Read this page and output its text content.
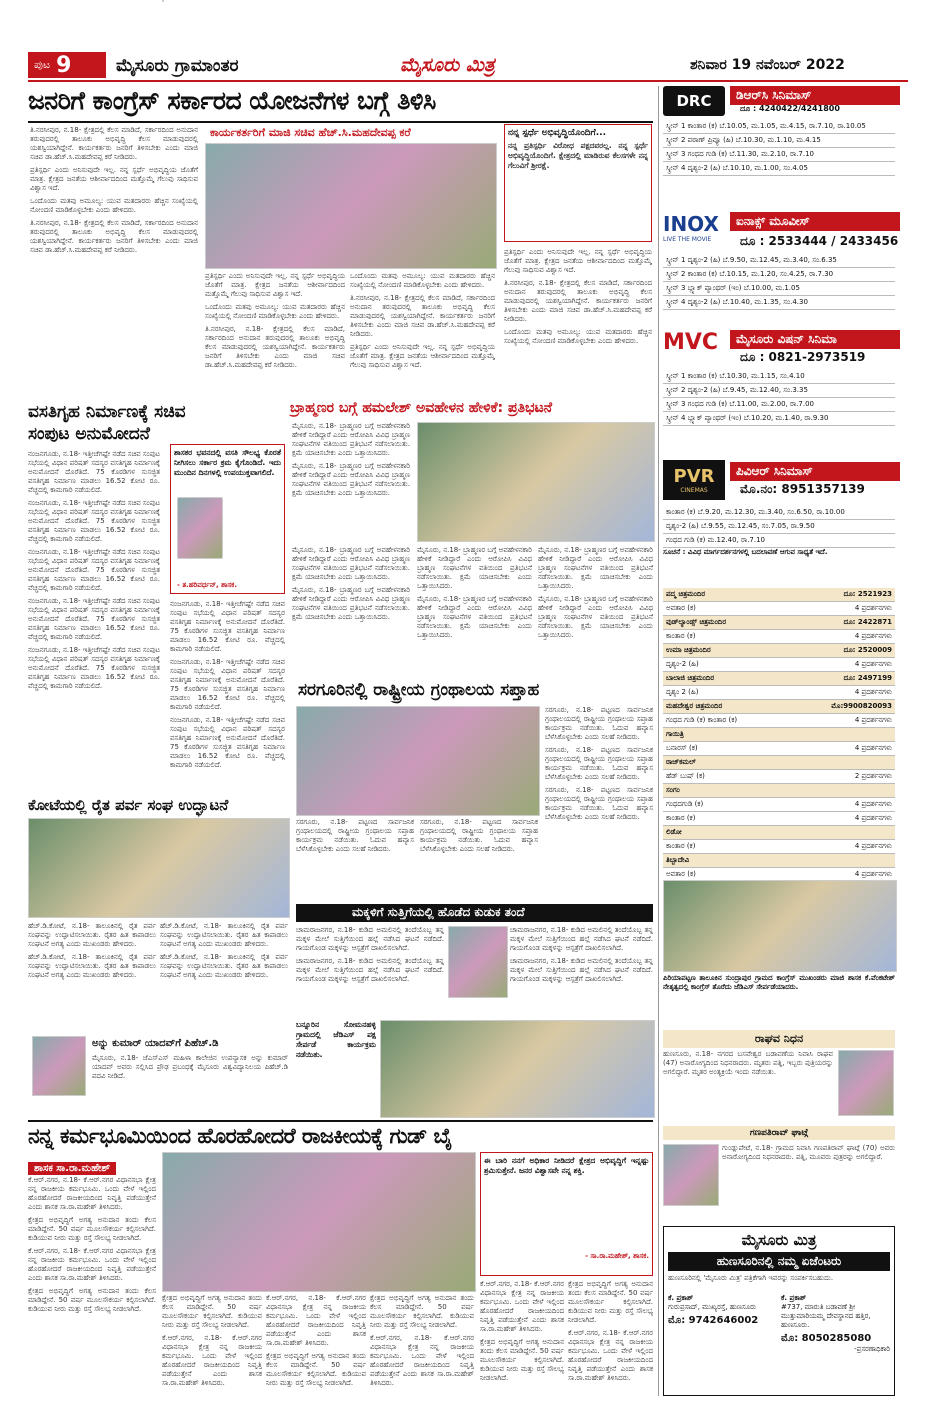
ಪುಟ 9	ಮೈಸೂರು ಗ್ರಾಮಾಂತರ	ಮೈಸೂರು ಮಿತ್ರ	ಶನಿವಾರ 19 ನವೆಂಬರ್ 2022
ಜನರಿಗೆ ಕಾಂಗ್ರೆಸ್ ಸರ್ಕಾರದ ಯೋಜನೆಗಳ ಬಗ್ಗೆ ತಿಳಿಸಿ

ತಿ.ನರಸೀಪುರ, ನ.18- ಕ್ಷೇತ್ರದಲ್ಲಿ ಕೆಲಸ ಮಾಡಿದೆ, ಸರ್ಕಾರದಿಂದ ಅನುದಾನ ತರುವುದರಲ್ಲಿ ತಾಲೂಕು ಅಭಿವೃದ್ಧಿ ಕೆಲಸ ಮಾಡುವುದರಲ್ಲಿ ಯಶಸ್ವಿಯಾಗಿದ್ದೇನೆ. ಕಾರ್ಯಕರ್ತರು ಜನರಿಗೆ ತಿಳಿಸಬೇಕು ಎಂದು ಮಾಜಿ ಸಚಿವ ಡಾ.ಹೆಚ್.ಸಿ.ಮಹದೇವಪ್ಪ ಕರೆ ನೀಡಿದರು.

ಪ್ರತಿಸ್ಪರ್ಧಿ ಎಂದು ಅನಿಸುವುದೇ ಇಲ್ಲ. ನನ್ನ ಸ್ಪರ್ಧೆ ಅಭಿವೃದ್ಧಿಯ ಜೊತೆಗೆ ಮಾತ್ರ. ಕ್ಷೇತ್ರದ ಜನತೆಯ ಆಶೀರ್ವಾದದಿಂದ ಮತ್ತೊಮ್ಮೆ ಗೆಲುವು ಸಾಧಿಸುವ ವಿಶ್ವಾಸ ಇದೆ.

ಒಂದೊಂದು ಮತವು ಅಮೂಲ್ಯ: ಯುವ ಮತದಾರರು ಹೆಚ್ಚಿನ ಸಂಖ್ಯೆಯಲ್ಲಿ ನೋಂದಣಿ ಮಾಡಿಕೊಳ್ಳಬೇಕು ಎಂದು ಹೇಳಿದರು.

ತಿ.ನರಸೀಪುರ, ನ.18- ಕ್ಷೇತ್ರದಲ್ಲಿ ಕೆಲಸ ಮಾಡಿದೆ, ಸರ್ಕಾರದಿಂದ ಅನುದಾನ ತರುವುದರಲ್ಲಿ ತಾಲೂಕು ಅಭಿವೃದ್ಧಿ ಕೆಲಸ ಮಾಡುವುದರಲ್ಲಿ ಯಶಸ್ವಿಯಾಗಿದ್ದೇನೆ. ಕಾರ್ಯಕರ್ತರು ಜನರಿಗೆ ತಿಳಿಸಬೇಕು ಎಂದು ಮಾಜಿ ಸಚಿವ ಡಾ.ಹೆಚ್.ಸಿ.ಮಹದೇವಪ್ಪ ಕರೆ ನೀಡಿದರು.

ಕಾರ್ಯಕರ್ತರಿಗೆ ಮಾಜಿ ಸಚಿವ ಹೆಚ್.ಸಿ.ಮಹದೇವಪ್ಪ ಕರೆ

ಪ್ರತಿಸ್ಪರ್ಧಿ ಎಂದು ಅನಿಸುವುದೇ ಇಲ್ಲ. ನನ್ನ ಸ್ಪರ್ಧೆ ಅಭಿವೃದ್ಧಿಯ ಜೊತೆಗೆ ಮಾತ್ರ. ಕ್ಷೇತ್ರದ ಜನತೆಯ ಆಶೀರ್ವಾದದಿಂದ ಮತ್ತೊಮ್ಮೆ ಗೆಲುವು ಸಾಧಿಸುವ ವಿಶ್ವಾಸ ಇದೆ.

ಒಂದೊಂದು ಮತವು ಅಮೂಲ್ಯ: ಯುವ ಮತದಾರರು ಹೆಚ್ಚಿನ ಸಂಖ್ಯೆಯಲ್ಲಿ ನೋಂದಣಿ ಮಾಡಿಕೊಳ್ಳಬೇಕು ಎಂದು ಹೇಳಿದರು.

ತಿ.ನರಸೀಪುರ, ನ.18- ಕ್ಷೇತ್ರದಲ್ಲಿ ಕೆಲಸ ಮಾಡಿದೆ, ಸರ್ಕಾರದಿಂದ ಅನುದಾನ ತರುವುದರಲ್ಲಿ ತಾಲೂಕು ಅಭಿವೃದ್ಧಿ ಕೆಲಸ ಮಾಡುವುದರಲ್ಲಿ ಯಶಸ್ವಿಯಾಗಿದ್ದೇನೆ. ಕಾರ್ಯಕರ್ತರು ಜನರಿಗೆ ತಿಳಿಸಬೇಕು ಎಂದು ಮಾಜಿ ಸಚಿವ ಡಾ.ಹೆಚ್.ಸಿ.ಮಹದೇವಪ್ಪ ಕರೆ ನೀಡಿದರು.

ಒಂದೊಂದು ಮತವು ಅಮೂಲ್ಯ: ಯುವ ಮತದಾರರು ಹೆಚ್ಚಿನ ಸಂಖ್ಯೆಯಲ್ಲಿ ನೋಂದಣಿ ಮಾಡಿಕೊಳ್ಳಬೇಕು ಎಂದು ಹೇಳಿದರು.

ತಿ.ನರಸೀಪುರ, ನ.18- ಕ್ಷೇತ್ರದಲ್ಲಿ ಕೆಲಸ ಮಾಡಿದೆ, ಸರ್ಕಾರದಿಂದ ಅನುದಾನ ತರುವುದರಲ್ಲಿ ತಾಲೂಕು ಅಭಿವೃದ್ಧಿ ಕೆಲಸ ಮಾಡುವುದರಲ್ಲಿ ಯಶಸ್ವಿಯಾಗಿದ್ದೇನೆ. ಕಾರ್ಯಕರ್ತರು ಜನರಿಗೆ ತಿಳಿಸಬೇಕು ಎಂದು ಮಾಜಿ ಸಚಿವ ಡಾ.ಹೆಚ್.ಸಿ.ಮಹದೇವಪ್ಪ ಕರೆ ನೀಡಿದರು.

ಪ್ರತಿಸ್ಪರ್ಧಿ ಎಂದು ಅನಿಸುವುದೇ ಇಲ್ಲ. ನನ್ನ ಸ್ಪರ್ಧೆ ಅಭಿವೃದ್ಧಿಯ ಜೊತೆಗೆ ಮಾತ್ರ. ಕ್ಷೇತ್ರದ ಜನತೆಯ ಆಶೀರ್ವಾದದಿಂದ ಮತ್ತೊಮ್ಮೆ ಗೆಲುವು ಸಾಧಿಸುವ ವಿಶ್ವಾಸ ಇದೆ.

ನನ್ನ ಸ್ಪರ್ಧೆ ಅಭಿವೃದ್ಧಿಯೊಂದಿಗೆ...
ನನ್ನ ಪ್ರತಿಸ್ಪರ್ಧಿ ವಿರೋಧ ಪಕ್ಷದವರಲ್ಲ. ನನ್ನ ಸ್ಪರ್ಧೆ ಅಭಿವೃದ್ಧಿಯೊಂದಿಗೆ. ಕ್ಷೇತ್ರದಲ್ಲಿ ಮಾಡಿರುವ ಕೆಲಸಗಳೇ ನನ್ನ ಗೆಲುವಿಗೆ ಶ್ರೀರಕ್ಷೆ.

ಪ್ರತಿಸ್ಪರ್ಧಿ ಎಂದು ಅನಿಸುವುದೇ ಇಲ್ಲ. ನನ್ನ ಸ್ಪರ್ಧೆ ಅಭಿವೃದ್ಧಿಯ ಜೊತೆಗೆ ಮಾತ್ರ. ಕ್ಷೇತ್ರದ ಜನತೆಯ ಆಶೀರ್ವಾದದಿಂದ ಮತ್ತೊಮ್ಮೆ ಗೆಲುವು ಸಾಧಿಸುವ ವಿಶ್ವಾಸ ಇದೆ.

ತಿ.ನರಸೀಪುರ, ನ.18- ಕ್ಷೇತ್ರದಲ್ಲಿ ಕೆಲಸ ಮಾಡಿದೆ, ಸರ್ಕಾರದಿಂದ ಅನುದಾನ ತರುವುದರಲ್ಲಿ ತಾಲೂಕು ಅಭಿವೃದ್ಧಿ ಕೆಲಸ ಮಾಡುವುದರಲ್ಲಿ ಯಶಸ್ವಿಯಾಗಿದ್ದೇನೆ. ಕಾರ್ಯಕರ್ತರು ಜನರಿಗೆ ತಿಳಿಸಬೇಕು ಎಂದು ಮಾಜಿ ಸಚಿವ ಡಾ.ಹೆಚ್.ಸಿ.ಮಹದೇವಪ್ಪ ಕರೆ ನೀಡಿದರು.

ಒಂದೊಂದು ಮತವು ಅಮೂಲ್ಯ: ಯುವ ಮತದಾರರು ಹೆಚ್ಚಿನ ಸಂಖ್ಯೆಯಲ್ಲಿ ನೋಂದಣಿ ಮಾಡಿಕೊಳ್ಳಬೇಕು ಎಂದು ಹೇಳಿದರು.

ವಸತಿಗೃಹ ನಿರ್ಮಾಣಕ್ಕೆ ಸಚಿವ
ಸಂಪುಟ ಅನುಮೋದನೆ

ನಂಜನಗೂಡು, ನ.18- ಇತ್ತೀಚೆಗಷ್ಟೇ ನಡೆದ ಸಚಿವ ಸಂಪುಟ ಸಭೆಯಲ್ಲಿ ವಿಧಾನ ಪರಿಷತ್ ಸದಸ್ಯರ ವಸತಿಗೃಹ ನಿರ್ಮಾಣಕ್ಕೆ ಅನುಮೋದನೆ ದೊರೆತಿದೆ. 75 ಕೊಠಡಿಗಳ ಸುಸಜ್ಜಿತ ವಸತಿಗೃಹ ನಿರ್ಮಾಣ ಮಾಡಲು 16.52 ಕೋಟಿ ರೂ. ವೆಚ್ಚದಲ್ಲಿ ಕಾಮಗಾರಿ ನಡೆಯಲಿದೆ.

ನಂಜನಗೂಡು, ನ.18- ಇತ್ತೀಚೆಗಷ್ಟೇ ನಡೆದ ಸಚಿವ ಸಂಪುಟ ಸಭೆಯಲ್ಲಿ ವಿಧಾನ ಪರಿಷತ್ ಸದಸ್ಯರ ವಸತಿಗೃಹ ನಿರ್ಮಾಣಕ್ಕೆ ಅನುಮೋದನೆ ದೊರೆತಿದೆ. 75 ಕೊಠಡಿಗಳ ಸುಸಜ್ಜಿತ ವಸತಿಗೃಹ ನಿರ್ಮಾಣ ಮಾಡಲು 16.52 ಕೋಟಿ ರೂ. ವೆಚ್ಚದಲ್ಲಿ ಕಾಮಗಾರಿ ನಡೆಯಲಿದೆ.

ನಂಜನಗೂಡು, ನ.18- ಇತ್ತೀಚೆಗಷ್ಟೇ ನಡೆದ ಸಚಿವ ಸಂಪುಟ ಸಭೆಯಲ್ಲಿ ವಿಧಾನ ಪರಿಷತ್ ಸದಸ್ಯರ ವಸತಿಗೃಹ ನಿರ್ಮಾಣಕ್ಕೆ ಅನುಮೋದನೆ ದೊರೆತಿದೆ. 75 ಕೊಠಡಿಗಳ ಸುಸಜ್ಜಿತ ವಸತಿಗೃಹ ನಿರ್ಮಾಣ ಮಾಡಲು 16.52 ಕೋಟಿ ರೂ. ವೆಚ್ಚದಲ್ಲಿ ಕಾಮಗಾರಿ ನಡೆಯಲಿದೆ.

ನಂಜನಗೂಡು, ನ.18- ಇತ್ತೀಚೆಗಷ್ಟೇ ನಡೆದ ಸಚಿವ ಸಂಪುಟ ಸಭೆಯಲ್ಲಿ ವಿಧಾನ ಪರಿಷತ್ ಸದಸ್ಯರ ವಸತಿಗೃಹ ನಿರ್ಮಾಣಕ್ಕೆ ಅನುಮೋದನೆ ದೊರೆತಿದೆ. 75 ಕೊಠಡಿಗಳ ಸುಸಜ್ಜಿತ ವಸತಿಗೃಹ ನಿರ್ಮಾಣ ಮಾಡಲು 16.52 ಕೋಟಿ ರೂ. ವೆಚ್ಚದಲ್ಲಿ ಕಾಮಗಾರಿ ನಡೆಯಲಿದೆ.

ನಂಜನಗೂಡು, ನ.18- ಇತ್ತೀಚೆಗಷ್ಟೇ ನಡೆದ ಸಚಿವ ಸಂಪುಟ ಸಭೆಯಲ್ಲಿ ವಿಧಾನ ಪರಿಷತ್ ಸದಸ್ಯರ ವಸತಿಗೃಹ ನಿರ್ಮಾಣಕ್ಕೆ ಅನುಮೋದನೆ ದೊರೆತಿದೆ. 75 ಕೊಠಡಿಗಳ ಸುಸಜ್ಜಿತ ವಸತಿಗೃಹ ನಿರ್ಮಾಣ ಮಾಡಲು 16.52 ಕೋಟಿ ರೂ. ವೆಚ್ಚದಲ್ಲಿ ಕಾಮಗಾರಿ ನಡೆಯಲಿದೆ.

ಶಾಸಕರ ಭವನದಲ್ಲಿ ವಸತಿ ಸೌಲಭ್ಯ ಕೊರತೆ ನೀಗಿಸಲು ಸರ್ಕಾರ ಕ್ರಮ ಕೈಗೊಂಡಿದೆ. ಇದು ಮುಂದಿನ ದಿನಗಳಲ್ಲಿ ಉಪಯುಕ್ತವಾಗಲಿದೆ.
- ತ.ಹರಿವರ್ಧನ್, ಶಾಸಕ.

ನಂಜನಗೂಡು, ನ.18- ಇತ್ತೀಚೆಗಷ್ಟೇ ನಡೆದ ಸಚಿವ ಸಂಪುಟ ಸಭೆಯಲ್ಲಿ ವಿಧಾನ ಪರಿಷತ್ ಸದಸ್ಯರ ವಸತಿಗೃಹ ನಿರ್ಮಾಣಕ್ಕೆ ಅನುಮೋದನೆ ದೊರೆತಿದೆ. 75 ಕೊಠಡಿಗಳ ಸುಸಜ್ಜಿತ ವಸತಿಗೃಹ ನಿರ್ಮಾಣ ಮಾಡಲು 16.52 ಕೋಟಿ ರೂ. ವೆಚ್ಚದಲ್ಲಿ ಕಾಮಗಾರಿ ನಡೆಯಲಿದೆ.

ನಂಜನಗೂಡು, ನ.18- ಇತ್ತೀಚೆಗಷ್ಟೇ ನಡೆದ ಸಚಿವ ಸಂಪುಟ ಸಭೆಯಲ್ಲಿ ವಿಧಾನ ಪರಿಷತ್ ಸದಸ್ಯರ ವಸತಿಗೃಹ ನಿರ್ಮಾಣಕ್ಕೆ ಅನುಮೋದನೆ ದೊರೆತಿದೆ. 75 ಕೊಠಡಿಗಳ ಸುಸಜ್ಜಿತ ವಸತಿಗೃಹ ನಿರ್ಮಾಣ ಮಾಡಲು 16.52 ಕೋಟಿ ರೂ. ವೆಚ್ಚದಲ್ಲಿ ಕಾಮಗಾರಿ ನಡೆಯಲಿದೆ.

ನಂಜನಗೂಡು, ನ.18- ಇತ್ತೀಚೆಗಷ್ಟೇ ನಡೆದ ಸಚಿವ ಸಂಪುಟ ಸಭೆಯಲ್ಲಿ ವಿಧಾನ ಪರಿಷತ್ ಸದಸ್ಯರ ವಸತಿಗೃಹ ನಿರ್ಮಾಣಕ್ಕೆ ಅನುಮೋದನೆ ದೊರೆತಿದೆ. 75 ಕೊಠಡಿಗಳ ಸುಸಜ್ಜಿತ ವಸತಿಗೃಹ ನಿರ್ಮಾಣ ಮಾಡಲು 16.52 ಕೋಟಿ ರೂ. ವೆಚ್ಚದಲ್ಲಿ ಕಾಮಗಾರಿ ನಡೆಯಲಿದೆ.

ಬ್ರಾಹ್ಮಣರ ಬಗ್ಗೆ ಹಮಲೇಶ್ ಅವಹೇಳನ ಹೇಳಿಕೆ: ಪ್ರತಿಭಟನೆ

ಮೈಸೂರು, ನ.18- ಬ್ರಾಹ್ಮಣರ ಬಗ್ಗೆ ಅವಹೇಳನಕಾರಿ ಹೇಳಿಕೆ ನೀಡಿದ್ದಾರೆ ಎಂದು ಆರೋಪಿಸಿ ವಿವಿಧ ಬ್ರಾಹ್ಮಣ ಸಂಘಟನೆಗಳ ವತಿಯಿಂದ ಪ್ರತಿಭಟನೆ ನಡೆಸಲಾಯಿತು. ಕ್ಷಮೆ ಯಾಚಿಸಬೇಕು ಎಂದು ಒತ್ತಾಯಿಸಿದರು.

ಮೈಸೂರು, ನ.18- ಬ್ರಾಹ್ಮಣರ ಬಗ್ಗೆ ಅವಹೇಳನಕಾರಿ ಹೇಳಿಕೆ ನೀಡಿದ್ದಾರೆ ಎಂದು ಆರೋಪಿಸಿ ವಿವಿಧ ಬ್ರಾಹ್ಮಣ ಸಂಘಟನೆಗಳ ವತಿಯಿಂದ ಪ್ರತಿಭಟನೆ ನಡೆಸಲಾಯಿತು. ಕ್ಷಮೆ ಯಾಚಿಸಬೇಕು ಎಂದು ಒತ್ತಾಯಿಸಿದರು.

ಮೈಸೂರು, ನ.18- ಬ್ರಾಹ್ಮಣರ ಬಗ್ಗೆ ಅವಹೇಳನಕಾರಿ ಹೇಳಿಕೆ ನೀಡಿದ್ದಾರೆ ಎಂದು ಆರೋಪಿಸಿ ವಿವಿಧ ಬ್ರಾಹ್ಮಣ ಸಂಘಟನೆಗಳ ವತಿಯಿಂದ ಪ್ರತಿಭಟನೆ ನಡೆಸಲಾಯಿತು. ಕ್ಷಮೆ ಯಾಚಿಸಬೇಕು ಎಂದು ಒತ್ತಾಯಿಸಿದರು.

ಮೈಸೂರು, ನ.18- ಬ್ರಾಹ್ಮಣರ ಬಗ್ಗೆ ಅವಹೇಳನಕಾರಿ ಹೇಳಿಕೆ ನೀಡಿದ್ದಾರೆ ಎಂದು ಆರೋಪಿಸಿ ವಿವಿಧ ಬ್ರಾಹ್ಮಣ ಸಂಘಟನೆಗಳ ವತಿಯಿಂದ ಪ್ರತಿಭಟನೆ ನಡೆಸಲಾಯಿತು. ಕ್ಷಮೆ ಯಾಚಿಸಬೇಕು ಎಂದು ಒತ್ತಾಯಿಸಿದರು.

ಮೈಸೂರು, ನ.18- ಬ್ರಾಹ್ಮಣರ ಬಗ್ಗೆ ಅವಹೇಳನಕಾರಿ ಹೇಳಿಕೆ ನೀಡಿದ್ದಾರೆ ಎಂದು ಆರೋಪಿಸಿ ವಿವಿಧ ಬ್ರಾಹ್ಮಣ ಸಂಘಟನೆಗಳ ವತಿಯಿಂದ ಪ್ರತಿಭಟನೆ ನಡೆಸಲಾಯಿತು. ಕ್ಷಮೆ ಯಾಚಿಸಬೇಕು ಎಂದು ಒತ್ತಾಯಿಸಿದರು.

ಮೈಸೂರು, ನ.18- ಬ್ರಾಹ್ಮಣರ ಬಗ್ಗೆ ಅವಹೇಳನಕಾರಿ ಹೇಳಿಕೆ ನೀಡಿದ್ದಾರೆ ಎಂದು ಆರೋಪಿಸಿ ವಿವಿಧ ಬ್ರಾಹ್ಮಣ ಸಂಘಟನೆಗಳ ವತಿಯಿಂದ ಪ್ರತಿಭಟನೆ ನಡೆಸಲಾಯಿತು. ಕ್ಷಮೆ ಯಾಚಿಸಬೇಕು ಎಂದು ಒತ್ತಾಯಿಸಿದರು.

ಮೈಸೂರು, ನ.18- ಬ್ರಾಹ್ಮಣರ ಬಗ್ಗೆ ಅವಹೇಳನಕಾರಿ ಹೇಳಿಕೆ ನೀಡಿದ್ದಾರೆ ಎಂದು ಆರೋಪಿಸಿ ವಿವಿಧ ಬ್ರಾಹ್ಮಣ ಸಂಘಟನೆಗಳ ವತಿಯಿಂದ ಪ್ರತಿಭಟನೆ ನಡೆಸಲಾಯಿತು. ಕ್ಷಮೆ ಯಾಚಿಸಬೇಕು ಎಂದು ಒತ್ತಾಯಿಸಿದರು.

ಮೈಸೂರು, ನ.18- ಬ್ರಾಹ್ಮಣರ ಬಗ್ಗೆ ಅವಹೇಳನಕಾರಿ ಹೇಳಿಕೆ ನೀಡಿದ್ದಾರೆ ಎಂದು ಆರೋಪಿಸಿ ವಿವಿಧ ಬ್ರಾಹ್ಮಣ ಸಂಘಟನೆಗಳ ವತಿಯಿಂದ ಪ್ರತಿಭಟನೆ ನಡೆಸಲಾಯಿತು. ಕ್ಷಮೆ ಯಾಚಿಸಬೇಕು ಎಂದು ಒತ್ತಾಯಿಸಿದರು.

ಸರಗೂರಿನಲ್ಲಿ ರಾಷ್ಟ್ರೀಯ ಗ್ರಂಥಾಲಯ ಸಪ್ತಾಹ

ಸರಗೂರು, ನ.18- ಪಟ್ಟಣದ ಸಾರ್ವಜನಿಕ ಗ್ರಂಥಾಲಯದಲ್ಲಿ ರಾಷ್ಟ್ರೀಯ ಗ್ರಂಥಾಲಯ ಸಪ್ತಾಹ ಕಾರ್ಯಕ್ರಮ ನಡೆಯಿತು. ಓದುವ ಹವ್ಯಾಸ ಬೆಳೆಸಿಕೊಳ್ಳಬೇಕು ಎಂದು ಸಲಹೆ ನೀಡಿದರು.

ಸರಗೂರು, ನ.18- ಪಟ್ಟಣದ ಸಾರ್ವಜನಿಕ ಗ್ರಂಥಾಲಯದಲ್ಲಿ ರಾಷ್ಟ್ರೀಯ ಗ್ರಂಥಾಲಯ ಸಪ್ತಾಹ ಕಾರ್ಯಕ್ರಮ ನಡೆಯಿತು. ಓದುವ ಹವ್ಯಾಸ ಬೆಳೆಸಿಕೊಳ್ಳಬೇಕು ಎಂದು ಸಲಹೆ ನೀಡಿದರು.

ಸರಗೂರು, ನ.18- ಪಟ್ಟಣದ ಸಾರ್ವಜನಿಕ ಗ್ರಂಥಾಲಯದಲ್ಲಿ ರಾಷ್ಟ್ರೀಯ ಗ್ರಂಥಾಲಯ ಸಪ್ತಾಹ ಕಾರ್ಯಕ್ರಮ ನಡೆಯಿತು. ಓದುವ ಹವ್ಯಾಸ ಬೆಳೆಸಿಕೊಳ್ಳಬೇಕು ಎಂದು ಸಲಹೆ ನೀಡಿದರು.

ಸರಗೂರು, ನ.18- ಪಟ್ಟಣದ ಸಾರ್ವಜನಿಕ ಗ್ರಂಥಾಲಯದಲ್ಲಿ ರಾಷ್ಟ್ರೀಯ ಗ್ರಂಥಾಲಯ ಸಪ್ತಾಹ ಕಾರ್ಯಕ್ರಮ ನಡೆಯಿತು. ಓದುವ ಹವ್ಯಾಸ ಬೆಳೆಸಿಕೊಳ್ಳಬೇಕು ಎಂದು ಸಲಹೆ ನೀಡಿದರು.

ಸರಗೂರು, ನ.18- ಪಟ್ಟಣದ ಸಾರ್ವಜನಿಕ ಗ್ರಂಥಾಲಯದಲ್ಲಿ ರಾಷ್ಟ್ರೀಯ ಗ್ರಂಥಾಲಯ ಸಪ್ತಾಹ ಕಾರ್ಯಕ್ರಮ ನಡೆಯಿತು. ಓದುವ ಹವ್ಯಾಸ ಬೆಳೆಸಿಕೊಳ್ಳಬೇಕು ಎಂದು ಸಲಹೆ ನೀಡಿದರು.

ಕೋಟೆಯಲ್ಲಿ ರೈತ ಪರ್ವ ಸಂಘ ಉದ್ಘಾಟನೆ

ಹೆಚ್.ಡಿ.ಕೋಟೆ, ನ.18- ತಾಲೂಕಿನಲ್ಲಿ ರೈತ ಪರ್ವ ಸಂಘವನ್ನು ಉದ್ಘಾಟಿಸಲಾಯಿತು. ರೈತರ ಹಿತ ಕಾಪಾಡಲು ಸಂಘಟನೆ ಅಗತ್ಯ ಎಂದು ಮುಖಂಡರು ಹೇಳಿದರು.

ಹೆಚ್.ಡಿ.ಕೋಟೆ, ನ.18- ತಾಲೂಕಿನಲ್ಲಿ ರೈತ ಪರ್ವ ಸಂಘವನ್ನು ಉದ್ಘಾಟಿಸಲಾಯಿತು. ರೈತರ ಹಿತ ಕಾಪಾಡಲು ಸಂಘಟನೆ ಅಗತ್ಯ ಎಂದು ಮುಖಂಡರು ಹೇಳಿದರು.

ಹೆಚ್.ಡಿ.ಕೋಟೆ, ನ.18- ತಾಲೂಕಿನಲ್ಲಿ ರೈತ ಪರ್ವ ಸಂಘವನ್ನು ಉದ್ಘಾಟಿಸಲಾಯಿತು. ರೈತರ ಹಿತ ಕಾಪಾಡಲು ಸಂಘಟನೆ ಅಗತ್ಯ ಎಂದು ಮುಖಂಡರು ಹೇಳಿದರು.

ಹೆಚ್.ಡಿ.ಕೋಟೆ, ನ.18- ತಾಲೂಕಿನಲ್ಲಿ ರೈತ ಪರ್ವ ಸಂಘವನ್ನು ಉದ್ಘಾಟಿಸಲಾಯಿತು. ರೈತರ ಹಿತ ಕಾಪಾಡಲು ಸಂಘಟನೆ ಅಗತ್ಯ ಎಂದು ಮುಖಂಡರು ಹೇಳಿದರು.

ಅನ್ನು ಕುಮಾರ್ ಯಾದವ್‌ಗೆ ಪಿಹೆಚ್.ಡಿ
ಮೈಸೂರು, ನ.18- ಜೆಎಸ್‌ಎಸ್ ಮಹಿಳಾ ಕಾಲೇಜಿನ ಉಪನ್ಯಾಸಕ ಅನ್ನು ಕುಮಾರ್ ಯಾದವ್ ಅವರು ಸಲ್ಲಿಸಿದ ಪ್ರೌಢ ಪ್ರಬಂಧಕ್ಕೆ ಮೈಸೂರು ವಿಶ್ವವಿದ್ಯಾನಿಲಯ ಪಿಹೆಚ್.ಡಿ ಪದವಿ ನೀಡಿದೆ.
ಮಕ್ಕಳಿಗೆ ಸುತ್ತಿಗೆಯಲ್ಲಿ ಹೊಡೆದ ಕುಡುಕ ತಂದೆ

ಚಾಮರಾಜನಗರ, ನ.18- ಕುಡಿದ ಅಮಲಿನಲ್ಲಿ ತಂದೆಯೊಬ್ಬ ತನ್ನ ಮಕ್ಕಳ ಮೇಲೆ ಸುತ್ತಿಗೆಯಿಂದ ಹಲ್ಲೆ ನಡೆಸಿದ ಘಟನೆ ನಡೆದಿದೆ. ಗಾಯಗೊಂಡ ಮಕ್ಕಳನ್ನು ಆಸ್ಪತ್ರೆಗೆ ದಾಖಲಿಸಲಾಗಿದೆ.

ಚಾಮರಾಜನಗರ, ನ.18- ಕುಡಿದ ಅಮಲಿನಲ್ಲಿ ತಂದೆಯೊಬ್ಬ ತನ್ನ ಮಕ್ಕಳ ಮೇಲೆ ಸುತ್ತಿಗೆಯಿಂದ ಹಲ್ಲೆ ನಡೆಸಿದ ಘಟನೆ ನಡೆದಿದೆ. ಗಾಯಗೊಂಡ ಮಕ್ಕಳನ್ನು ಆಸ್ಪತ್ರೆಗೆ ದಾಖಲಿಸಲಾಗಿದೆ.

ಚಾಮರಾಜನಗರ, ನ.18- ಕುಡಿದ ಅಮಲಿನಲ್ಲಿ ತಂದೆಯೊಬ್ಬ ತನ್ನ ಮಕ್ಕಳ ಮೇಲೆ ಸುತ್ತಿಗೆಯಿಂದ ಹಲ್ಲೆ ನಡೆಸಿದ ಘಟನೆ ನಡೆದಿದೆ. ಗಾಯಗೊಂಡ ಮಕ್ಕಳನ್ನು ಆಸ್ಪತ್ರೆಗೆ ದಾಖಲಿಸಲಾಗಿದೆ.

ಚಾಮರಾಜನಗರ, ನ.18- ಕುಡಿದ ಅಮಲಿನಲ್ಲಿ ತಂದೆಯೊಬ್ಬ ತನ್ನ ಮಕ್ಕಳ ಮೇಲೆ ಸುತ್ತಿಗೆಯಿಂದ ಹಲ್ಲೆ ನಡೆಸಿದ ಘಟನೆ ನಡೆದಿದೆ. ಗಾಯಗೊಂಡ ಮಕ್ಕಳನ್ನು ಆಸ್ಪತ್ರೆಗೆ ದಾಖಲಿಸಲಾಗಿದೆ.

ಬನ್ನೂರಿನ ಸೋಮನಹಳ್ಳಿ ಗ್ರಾಮದಲ್ಲಿ ಜೆಡಿಎಸ್ ಪಕ್ಷ ಸೇರ್ಪಡೆ ಕಾರ್ಯಕ್ರಮ ನಡೆಯಿತು.
ನನ್ನ ಕರ್ಮಭೂಮಿಯಿಂದ ಹೊರಹೋದರೆ ರಾಜಕೀಯಕ್ಕೆ ಗುಡ್ ಬೈ
ಶಾಸಕ ಸಾ.ರಾ.ಮಹೇಶ್

ಕೆ.ಆರ್.ನಗರ, ನ.18- ಕೆ.ಆರ್.ನಗರ ವಿಧಾನಸಭಾ ಕ್ಷೇತ್ರ ನನ್ನ ರಾಜಕೀಯ ಕರ್ಮಭೂಮಿ. ಒಂದು ವೇಳೆ ಇಲ್ಲಿಂದ ಹೊರಹೋದರೆ ರಾಜಕೀಯದಿಂದ ನಿವೃತ್ತಿ ಪಡೆಯುತ್ತೇನೆ ಎಂದು ಶಾಸಕ ಸಾ.ರಾ.ಮಹೇಶ್ ತಿಳಿಸಿದರು.

ಕ್ಷೇತ್ರದ ಅಭಿವೃದ್ಧಿಗೆ ಅಗತ್ಯ ಅನುದಾನ ತಂದು ಕೆಲಸ ಮಾಡಿದ್ದೇನೆ. 50 ವರ್ಷ ಮೂಲಸೌಕರ್ಯ ಕಲ್ಪಿಸಲಾಗಿದೆ. ಕುಡಿಯುವ ನೀರು ಮತ್ತು ರಸ್ತೆ ಸೌಲಭ್ಯ ನೀಡಲಾಗಿದೆ.

ಕೆ.ಆರ್.ನಗರ, ನ.18- ಕೆ.ಆರ್.ನಗರ ವಿಧಾನಸಭಾ ಕ್ಷೇತ್ರ ನನ್ನ ರಾಜಕೀಯ ಕರ್ಮಭೂಮಿ. ಒಂದು ವೇಳೆ ಇಲ್ಲಿಂದ ಹೊರಹೋದರೆ ರಾಜಕೀಯದಿಂದ ನಿವೃತ್ತಿ ಪಡೆಯುತ್ತೇನೆ ಎಂದು ಶಾಸಕ ಸಾ.ರಾ.ಮಹೇಶ್ ತಿಳಿಸಿದರು.

ಕ್ಷೇತ್ರದ ಅಭಿವೃದ್ಧಿಗೆ ಅಗತ್ಯ ಅನುದಾನ ತಂದು ಕೆಲಸ ಮಾಡಿದ್ದೇನೆ. 50 ವರ್ಷ ಮೂಲಸೌಕರ್ಯ ಕಲ್ಪಿಸಲಾಗಿದೆ. ಕುಡಿಯುವ ನೀರು ಮತ್ತು ರಸ್ತೆ ಸೌಲಭ್ಯ ನೀಡಲಾಗಿದೆ.

ಕ್ಷೇತ್ರದ ಅಭಿವೃದ್ಧಿಗೆ ಅಗತ್ಯ ಅನುದಾನ ತಂದು ಕೆಲಸ ಮಾಡಿದ್ದೇನೆ. 50 ವರ್ಷ ಮೂಲಸೌಕರ್ಯ ಕಲ್ಪಿಸಲಾಗಿದೆ. ಕುಡಿಯುವ ನೀರು ಮತ್ತು ರಸ್ತೆ ಸೌಲಭ್ಯ ನೀಡಲಾಗಿದೆ.

ಕೆ.ಆರ್.ನಗರ, ನ.18- ಕೆ.ಆರ್.ನಗರ ವಿಧಾನಸಭಾ ಕ್ಷೇತ್ರ ನನ್ನ ರಾಜಕೀಯ ಕರ್ಮಭೂಮಿ. ಒಂದು ವೇಳೆ ಇಲ್ಲಿಂದ ಹೊರಹೋದರೆ ರಾಜಕೀಯದಿಂದ ನಿವೃತ್ತಿ ಪಡೆಯುತ್ತೇನೆ ಎಂದು ಶಾಸಕ ಸಾ.ರಾ.ಮಹೇಶ್ ತಿಳಿಸಿದರು.

ಕೆ.ಆರ್.ನಗರ, ನ.18- ಕೆ.ಆರ್.ನಗರ ವಿಧಾನಸಭಾ ಕ್ಷೇತ್ರ ನನ್ನ ರಾಜಕೀಯ ಕರ್ಮಭೂಮಿ. ಒಂದು ವೇಳೆ ಇಲ್ಲಿಂದ ಹೊರಹೋದರೆ ರಾಜಕೀಯದಿಂದ ನಿವೃತ್ತಿ ಪಡೆಯುತ್ತೇನೆ ಎಂದು ಶಾಸಕ ಸಾ.ರಾ.ಮಹೇಶ್ ತಿಳಿಸಿದರು.

ಕ್ಷೇತ್ರದ ಅಭಿವೃದ್ಧಿಗೆ ಅಗತ್ಯ ಅನುದಾನ ತಂದು ಕೆಲಸ ಮಾಡಿದ್ದೇನೆ. 50 ವರ್ಷ ಮೂಲಸೌಕರ್ಯ ಕಲ್ಪಿಸಲಾಗಿದೆ. ಕುಡಿಯುವ ನೀರು ಮತ್ತು ರಸ್ತೆ ಸೌಲಭ್ಯ ನೀಡಲಾಗಿದೆ.

ಕ್ಷೇತ್ರದ ಅಭಿವೃದ್ಧಿಗೆ ಅಗತ್ಯ ಅನುದಾನ ತಂದು ಕೆಲಸ ಮಾಡಿದ್ದೇನೆ. 50 ವರ್ಷ ಮೂಲಸೌಕರ್ಯ ಕಲ್ಪಿಸಲಾಗಿದೆ. ಕುಡಿಯುವ ನೀರು ಮತ್ತು ರಸ್ತೆ ಸೌಲಭ್ಯ ನೀಡಲಾಗಿದೆ.

ಕೆ.ಆರ್.ನಗರ, ನ.18- ಕೆ.ಆರ್.ನಗರ ವಿಧಾನಸಭಾ ಕ್ಷೇತ್ರ ನನ್ನ ರಾಜಕೀಯ ಕರ್ಮಭೂಮಿ. ಒಂದು ವೇಳೆ ಇಲ್ಲಿಂದ ಹೊರಹೋದರೆ ರಾಜಕೀಯದಿಂದ ನಿವೃತ್ತಿ ಪಡೆಯುತ್ತೇನೆ ಎಂದು ಶಾಸಕ ಸಾ.ರಾ.ಮಹೇಶ್ ತಿಳಿಸಿದರು.

ಈ ಬಾರಿ ನನಗೆ ಅಧಿಕಾರ ನೀಡಿದರೆ ಕ್ಷೇತ್ರದ ಅಭಿವೃದ್ಧಿಗೆ ಇನ್ನಷ್ಟು ಶ್ರಮಿಸುತ್ತೇನೆ. ಜನರ ವಿಶ್ವಾಸವೇ ನನ್ನ ಶಕ್ತಿ.
- ಸಾ.ರಾ.ಮಹೇಶ್, ಶಾಸಕ.

ಕೆ.ಆರ್.ನಗರ, ನ.18- ಕೆ.ಆರ್.ನಗರ ವಿಧಾನಸಭಾ ಕ್ಷೇತ್ರ ನನ್ನ ರಾಜಕೀಯ ಕರ್ಮಭೂಮಿ. ಒಂದು ವೇಳೆ ಇಲ್ಲಿಂದ ಹೊರಹೋದರೆ ರಾಜಕೀಯದಿಂದ ನಿವೃತ್ತಿ ಪಡೆಯುತ್ತೇನೆ ಎಂದು ಶಾಸಕ ಸಾ.ರಾ.ಮಹೇಶ್ ತಿಳಿಸಿದರು.

ಕ್ಷೇತ್ರದ ಅಭಿವೃದ್ಧಿಗೆ ಅಗತ್ಯ ಅನುದಾನ ತಂದು ಕೆಲಸ ಮಾಡಿದ್ದೇನೆ. 50 ವರ್ಷ ಮೂಲಸೌಕರ್ಯ ಕಲ್ಪಿಸಲಾಗಿದೆ. ಕುಡಿಯುವ ನೀರು ಮತ್ತು ರಸ್ತೆ ಸೌಲಭ್ಯ ನೀಡಲಾಗಿದೆ.

ಕ್ಷೇತ್ರದ ಅಭಿವೃದ್ಧಿಗೆ ಅಗತ್ಯ ಅನುದಾನ ತಂದು ಕೆಲಸ ಮಾಡಿದ್ದೇನೆ. 50 ವರ್ಷ ಮೂಲಸೌಕರ್ಯ ಕಲ್ಪಿಸಲಾಗಿದೆ. ಕುಡಿಯುವ ನೀರು ಮತ್ತು ರಸ್ತೆ ಸೌಲಭ್ಯ ನೀಡಲಾಗಿದೆ.

ಕೆ.ಆರ್.ನಗರ, ನ.18- ಕೆ.ಆರ್.ನಗರ ವಿಧಾನಸಭಾ ಕ್ಷೇತ್ರ ನನ್ನ ರಾಜಕೀಯ ಕರ್ಮಭೂಮಿ. ಒಂದು ವೇಳೆ ಇಲ್ಲಿಂದ ಹೊರಹೋದರೆ ರಾಜಕೀಯದಿಂದ ನಿವೃತ್ತಿ ಪಡೆಯುತ್ತೇನೆ ಎಂದು ಶಾಸಕ ಸಾ.ರಾ.ಮಹೇಶ್ ತಿಳಿಸಿದರು.

DRC	ಡಿಆರ್‌ಸಿ ಸಿನಿಮಾಸ್
ದೂ : 4240422/4241800
ಸ್ಕ್ರೀನ್ 1 ಕಾಂತಾರ (ಕ) ಬೆ.10.05, ಮ.1.05, ಮ.4.15, ರಾ.7.10, ರಾ.10.05
ಸ್ಕ್ರೀನ್ 2 ಪಠಾಣ್ ಪ್ರಿವ್ಯೂ (ಹಿ) ಬೆ.10.30, ಮ.1.10, ಮ.4.15
ಸ್ಕ್ರೀನ್ 3 ಗಂಧದ ಗುಡಿ (ಕ) ಬೆ.11.30, ಮ.2.10, ರಾ.7.10
ಸ್ಕ್ರೀನ್ 4 ದೃಶ್ಯಂ-2 (ಹಿ) ಬೆ.10.10, ಮ.1.00, ಸಂ.4.05
INOX
LIVE THE MOVIE
ಐನಾಕ್ಸ್ ಮೂವೀಸ್
ದೂ : 2533444 / 2433456
ಸ್ಕ್ರೀನ್ 1 ದೃಶ್ಯಂ-2 (ಹಿ) ಬೆ.9.50, ಮ.12.45, ಮ.3.40, ಸಂ.6.35
ಸ್ಕ್ರೀನ್ 2 ಕಾಂತಾರ (ಕ) ಬೆ.10.15, ಮ.1.20, ಸಂ.4.25, ರಾ.7.30
ಸ್ಕ್ರೀನ್ 3 ಬ್ಲ್ಯಾಕ್ ಪ್ಯಾಂಥರ್ (ಇಂ) ಬೆ.10.00, ಮ.1.05
ಸ್ಕ್ರೀನ್ 4 ದೃಶ್ಯಂ-2 (ಹಿ) ಬೆ.10.40, ಮ.1.35, ಸಂ.4.30
MVC	ಮೈಸೂರು ವಿಷನ್ ಸಿನಿಮಾ
ದೂ : 0821-2973519
ಸ್ಕ್ರೀನ್ 1 ಕಾಂತಾರ (ಕ) ಬೆ.10.30, ಮ.1.15, ಸಂ.4.10
ಸ್ಕ್ರೀನ್ 2 ದೃಶ್ಯಂ-2 (ಹಿ) ಬೆ.9.45, ಮ.12.40, ಸಂ.3.35
ಸ್ಕ್ರೀನ್ 3 ಗಂಧದ ಗುಡಿ (ಕ) ಬೆ.11.00, ಮ.2.00, ರಾ.7.00
ಸ್ಕ್ರೀನ್ 4 ಬ್ಲ್ಯಾಕ್ ಪ್ಯಾಂಥರ್ (ಇಂ) ಬೆ.10.20, ಮ.1.40, ರಾ.9.30
PVR
CINEMAS
ಪಿವಿಆರ್ ಸಿನಿಮಾಸ್
ಮೊ.ನಂ: 8951357139
ಕಾಂತಾರ (ಕ) ಬೆ.9.20, ಮ.12.30, ಮ.3.40, ಸಂ.6.50, ರಾ.10.00
ದೃಶ್ಯಂ-2 (ಹಿ) ಬೆ.9.55, ಮ.12.45, ಸಂ.7.05, ರಾ.9.50
ಗಂಧದ ಗುಡಿ (ಕ) ಮ.12.40, ರಾ.7.10
ಸೂಚನೆ : ವಿವಿಧ ಮಾರ್ಗದರ್ಶನಗಳಲ್ಲಿ ಬದಲಾವಣೆ ಆಗುವ ಸಾಧ್ಯತೆ ಇದೆ.
ಪದ್ಮ ಚಿತ್ರಮಂದಿರ	ದೂ: 2521923
ಅವತಾರ (ಕ)	4 ಪ್ರದರ್ಶನಗಳು
ವುಡ್‌ಲ್ಯಾಂಡ್ಸ್ ಚಿತ್ರಮಂದಿರ	ದೂ: 2422871
ಕಾಂತಾರ (ಕ)	4 ಪ್ರದರ್ಶನಗಳು
ಉಮಾ ಚಿತ್ರಮಂದಿರ	ದೂ: 2520009
ದೃಶ್ಯಂ-2 (ಹಿ)	4 ಪ್ರದರ್ಶನಗಳು
ಬಾಲಾಜಿ ಚಿತ್ರಮಂದಿರ	ದೂ: 2497199
ದೃಶ್ಯಂ 2 (ಹಿ)	4 ಪ್ರದರ್ಶನಗಳು
ಮಹದೇಶ್ವರ ಚಿತ್ರಮಂದಿರ	ಮೊ:9900820093
ಗಂಧದ ಗುಡಿ (ಕ) ಕಾಂತಾರ (ಕ)	4 ಪ್ರದರ್ಶನಗಳು
ಗಾಯಿತ್ರಿ
ಬನಾರಸ್ (ಕ)	4 ಪ್ರದರ್ಶನಗಳು
ರಾಜ್‌ಕಮಲ್
ಹೆಡ್ ಬುಷ್ (ಕ)	2 ಪ್ರದರ್ಶನಗಳು
ಸಂಗಂ
ಗಂಧದಗುಡಿ (ಕ)	4 ಪ್ರದರ್ಶನಗಳು
ಕಾಂತಾರ (ಕ)	4 ಪ್ರದರ್ಶನಗಳು
ಲಿಡೋ
ಕಾಂತಾರ (ಕ)	4 ಪ್ರದರ್ಶನಗಳು
ತಿಬ್ಬಾದೇವಿ
ಅವತಾರ (ಕ)	4 ಪ್ರದರ್ಶನಗಳು
ಪಿರಿಯಾಪಟ್ಟಣ ತಾಲೂಕಿನ ಸುಂದ್ರಾಪುರ ಗ್ರಾಮದ ಕಾಂಗ್ರೆಸ್ ಮುಖಂಡರು ಮಾಜಿ ಶಾಸಕ ಕೆ.ವೆಂಕಟೇಶ್ ನೇತೃತ್ವದಲ್ಲಿ ಕಾಂಗ್ರೆಸ್ ತೊರೆದು ಜೆಡಿಎಸ್ ಸೇರ್ಪಡೆಯಾದರು.
ರಾಘವ ನಿಧನ
ಹುಣಸೂರು, ನ.18- ನಗರದ ಬಸವೇಶ್ವರ ಬಡಾವಣೆಯ ನಿವಾಸಿ ರಾಘವ (47) ಅನಾರೋಗ್ಯದಿಂದ ನಿಧನರಾದರು. ಮೃತರು ಪತ್ನಿ, ಇಬ್ಬರು ಪುತ್ರಿಯರನ್ನು ಅಗಲಿದ್ದಾರೆ. ಮೃತರ ಅಂತ್ಯಕ್ರಿಯೆ ಇಂದು ನಡೆಯಿತು.
ಗಣಪತಿರಾವ್ ಘಾಟ್ಗೆ
ಗುಂಡ್ಲುಪೇಟೆ, ನ.18- ಗ್ರಾಮದ ನಿವಾಸಿ ಗಣಪತಿರಾವ್ ಘಾಟ್ಗೆ (70) ಅವರು ಅನಾರೋಗ್ಯದಿಂದ ನಿಧನರಾದರು. ಪತ್ನಿ, ಮೂವರು ಪುತ್ರರನ್ನು ಅಗಲಿದ್ದಾರೆ.
ಮೈಸೂರು ಮಿತ್ರ
ಹುಣಸೂರಿನಲ್ಲಿ ನಮ್ಮ ಏಜೆಂಟರು
ಹುಣಸೂರಿನಲ್ಲಿ 'ಮೈಸೂರು ಮಿತ್ರ' ಪತ್ರಿಕೆಗಾಗಿ ಇವರನ್ನು ಸಂಪರ್ಕಿಸಬಹುದು.
ಕೆ. ಪ್ರಕಾಶ್
ಗುರುಪ್ರಸಾದ್, ಮುಖ್ಯರಸ್ತೆ, ಹುಣಸೂರು
ಮೊ: 9742646002
ಕೆ. ಪ್ರಕಾಶ್
#737, ಮಾರುತಿ ಬಡಾವಣೆ ಶ್ರೀ ಮುತ್ತುಮಾರಿಯಮ್ಮ ದೇವಸ್ಥಾನದ ಹತ್ತಿರ, ಹುಣಸೂರು.
ಮೊ: 8050285080
-ಪ್ರಸರಣಾಧಿಕಾರಿ
